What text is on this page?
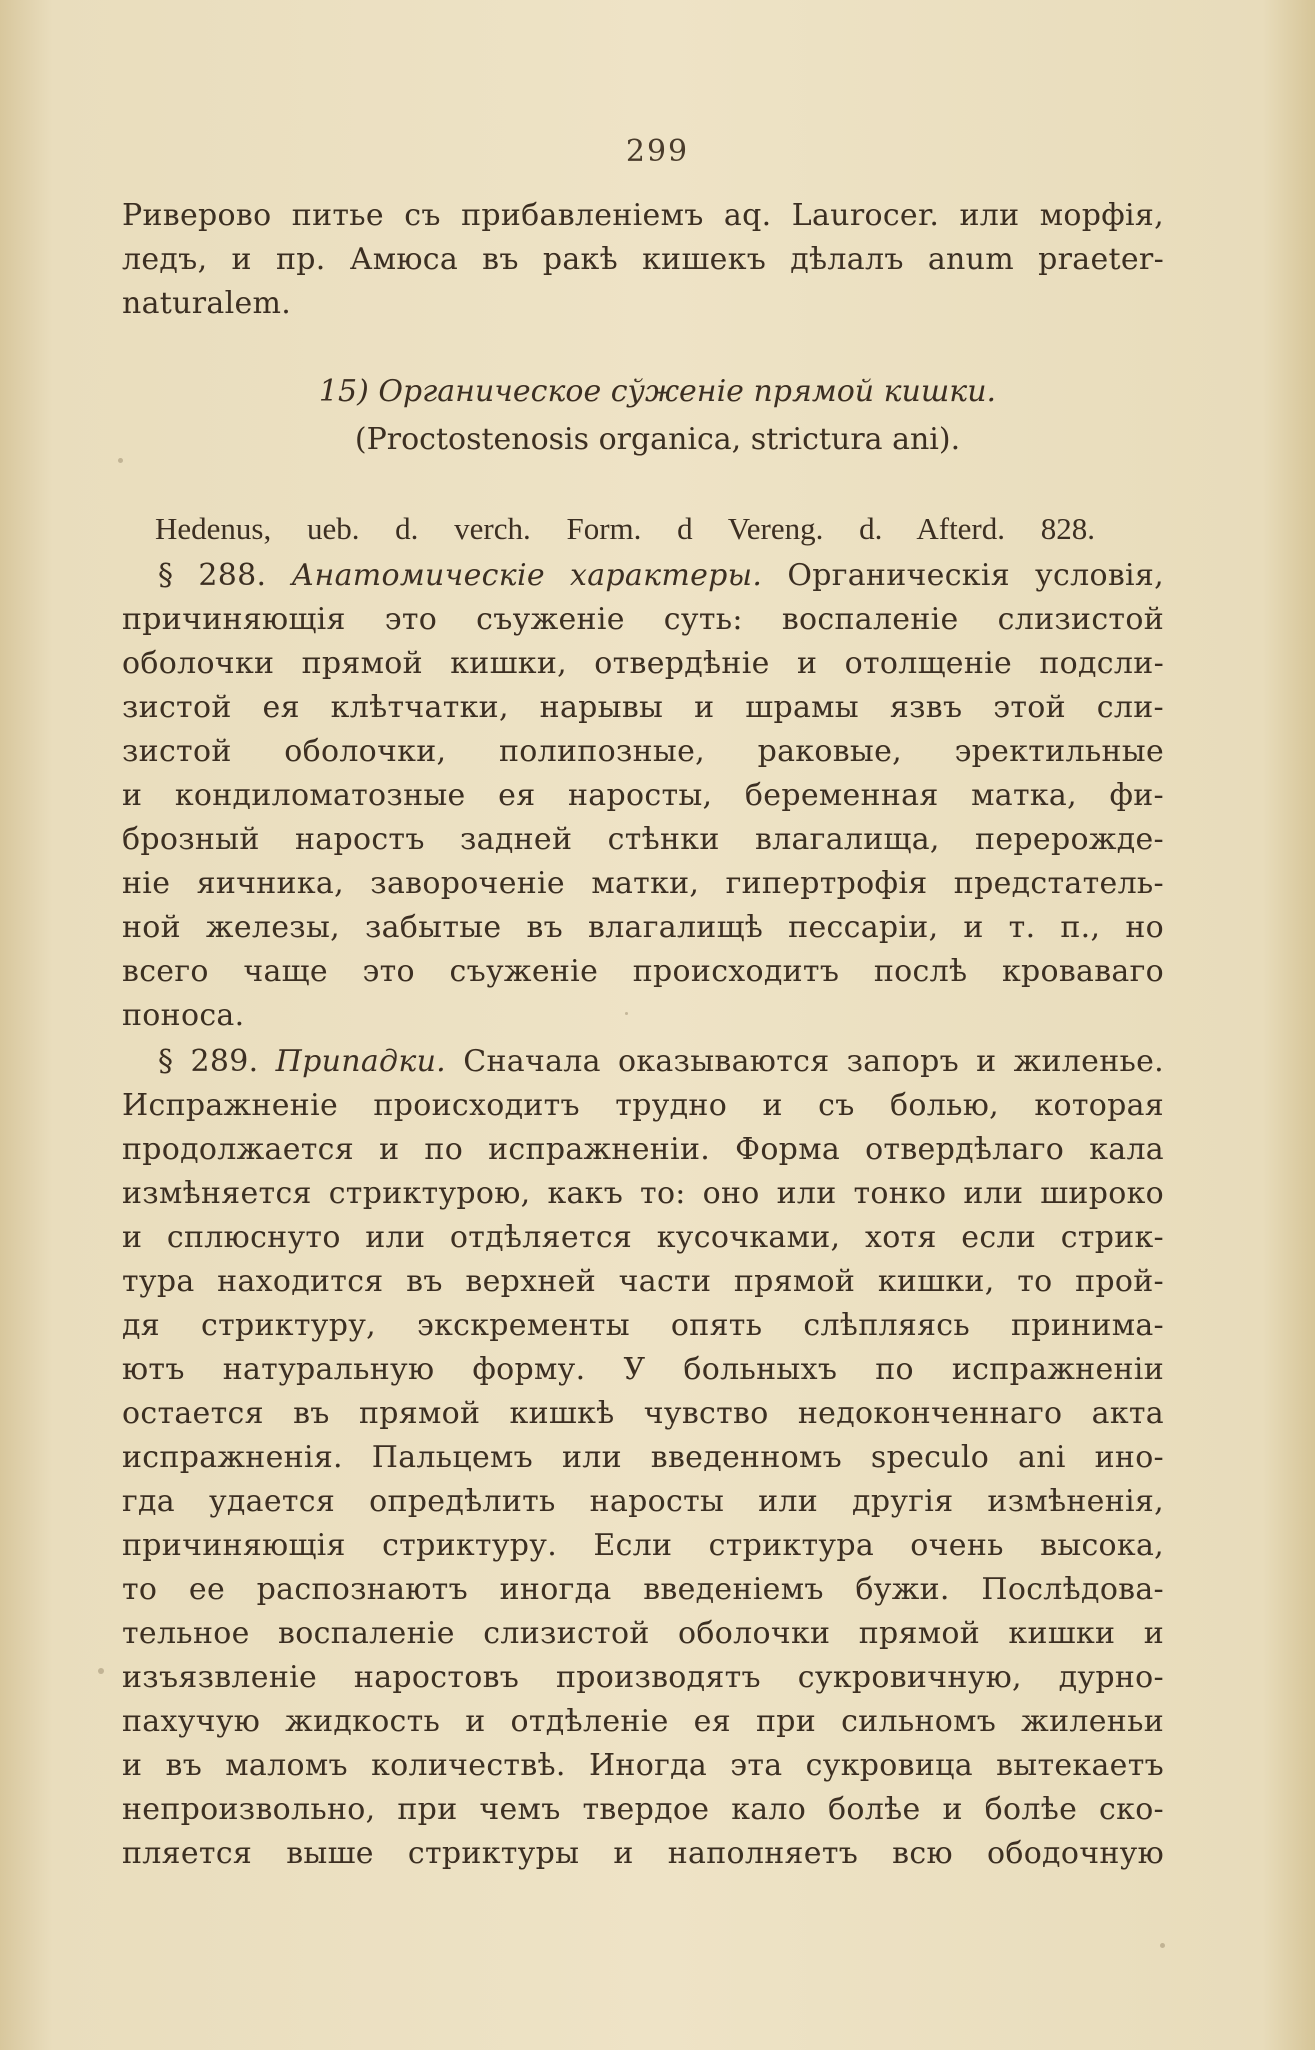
299
Риверово питье съ прибавленіемъ aq. Laurocer. или морфія,
ледъ, и пр. Амюса въ ракѣ кишекъ дѣлалъ anum praeter-
naturalem.
15) Органическое сўженіе прямой кишки.
(Proctostenosis organica, strictura ani).
Hedenus, ueb. d. verch. Form. d Vereng. d. Afterd. 828.
§ 288. Анатомическіе характеры. Органическія условія,
причиняющія это съуженіе суть: воспаленіе слизистой
оболочки прямой кишки, отвердѣніе и отолщеніе подсли-
зистой ея клѣтчатки, нарывы и шрамы язвъ этой сли-
зистой оболочки, полипозные, раковые, эректильные
и кондиломатозные ея наросты, беременная матка, фи-
брозный наростъ задней стѣнки влагалища, перерожде-
ніе яичника, завороченіе матки, гипертрофія предстатель-
ной железы, забытые въ влагалищѣ пессаріи, и т. п., но
всего чаще это съуженіе происходитъ послѣ кроваваго
поноса.
§ 289. Припадки. Сначала оказываются запоръ и жиленье.
Испражненіе происходитъ трудно и съ болью, которая
продолжается и по испражненіи. Форма отвердѣлаго кала
измѣняется стриктурою, какъ то: оно или тонко или широко
и сплюснуто или отдѣляется кусочками, хотя если стрик-
тура находится въ верхней части прямой кишки, то прой-
дя стриктуру, экскременты опять слѣпляясь принима-
ютъ натуральную форму. У больныхъ по испражненіи
остается въ прямой кишкѣ чувство недоконченнаго акта
испражненія. Пальцемъ или введенномъ speculo ani ино-
гда удается опредѣлить наросты или другія измѣненія,
причиняющія стриктуру. Если стриктура очень высока,
то ее распознаютъ иногда введеніемъ бужи. Послѣдова-
тельное воспаленіе слизистой оболочки прямой кишки и
изъязвленіе наростовъ производятъ сукровичную, дурно-
пахучую жидкость и отдѣленіе ея при сильномъ жиленьи
и въ маломъ количествѣ. Иногда эта сукровица вытекаетъ
непроизвольно, при чемъ твердое кало болѣе и болѣе ско-
пляется выше стриктуры и наполняетъ всю ободочную
